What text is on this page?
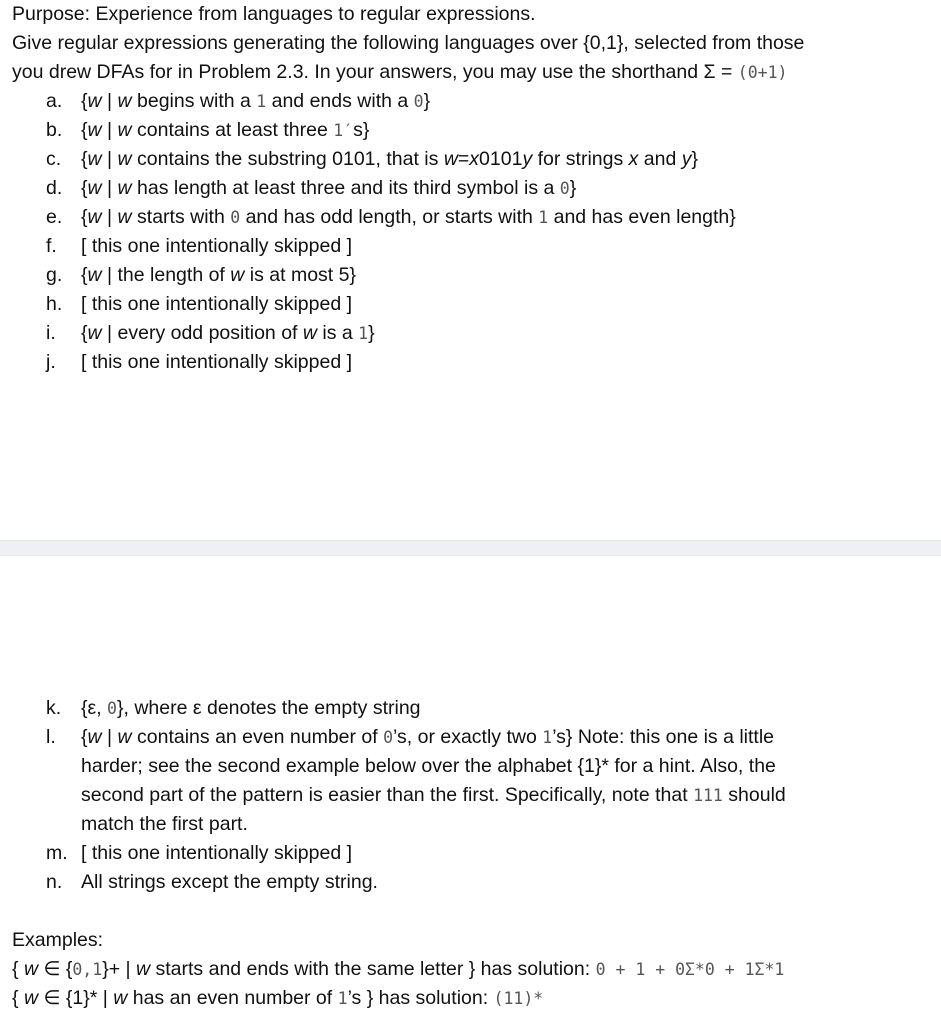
Purpose: Experience from languages to regular expressions.
Give regular expressions generating the following languages over {0,1}, selected from those
you drew DFAs for in Problem 2.3. In your answers, you may use the shorthand Σ = (0+1)
a. {w | w begins with a 1 and ends with a 0}
b. {w | w contains at least three 1′s}
c. {w | w contains the substring 0101, that is w=x0101y for strings x and y}
d. {w | w has length at least three and its third symbol is a 0}
e. {w | w starts with 0 and has odd length, or starts with 1 and has even length}
f. [ this one intentionally skipped ]
g. {w | the length of w is at most 5}
h. [ this one intentionally skipped ]
i. {w | every odd position of w is a 1}
j. [ this one intentionally skipped ]
k. {ε, 0}, where ε denotes the empty string
l. {w | w contains an even number of 0’s, or exactly two 1’s} Note: this one is a little
harder; see the second example below over the alphabet {1}* for a hint. Also, the
second part of the pattern is easier than the first. Specifically, note that 111 should
match the first part.
m. [ this one intentionally skipped ]
n. All strings except the empty string.
Examples:
{ w ∈ {0,1}+ | w starts and ends with the same letter } has solution: 0 + 1 + 0Σ*0 + 1Σ*1
{ w ∈ {1}* | w has an even number of 1’s } has solution: (11)*
